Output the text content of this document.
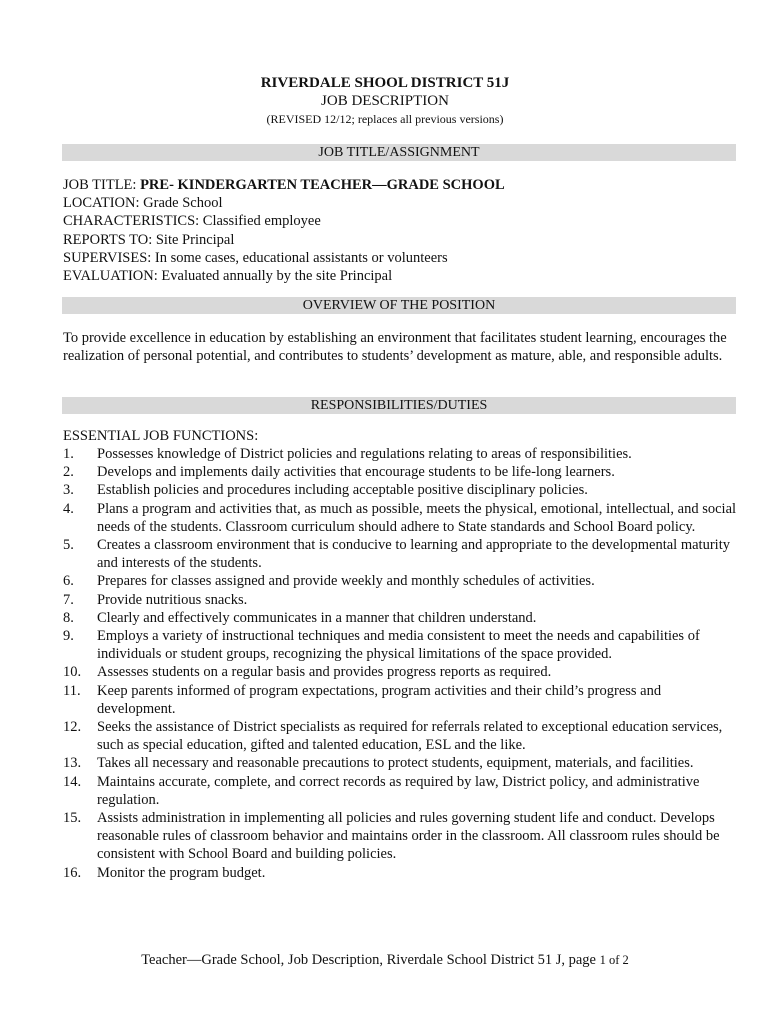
RIVERDALE SHOOL DISTRICT 51J
JOB DESCRIPTION
(REVISED 12/12; replaces all previous versions)
JOB TITLE/ASSIGNMENT
JOB TITLE: PRE- KINDERGARTEN TEACHER—GRADE SCHOOL
LOCATION: Grade School
CHARACTERISTICS: Classified employee
REPORTS TO: Site Principal
SUPERVISES: In some cases, educational assistants or volunteers
EVALUATION: Evaluated annually by the site Principal
OVERVIEW OF THE POSITION
To provide excellence in education by establishing an environment that facilitates student learning, encourages the realization of personal potential, and contributes to students’ development as mature, able, and responsible adults.
RESPONSIBILITIES/DUTIES
ESSENTIAL JOB FUNCTIONS:
1.	Possesses knowledge of District policies and regulations relating to areas of responsibilities.
2.	Develops and implements daily activities that encourage students to be life-long learners.
3.	Establish policies and procedures including acceptable positive disciplinary policies.
4.	Plans a program and activities that, as much as possible, meets the physical, emotional, intellectual, and social needs of the students. Classroom curriculum should adhere to State standards and School Board policy.
5.	Creates a classroom environment that is conducive to learning and appropriate to the developmental maturity and interests of the students.
6.	Prepares for classes assigned and provide weekly and monthly schedules of activities.
7.	Provide nutritious snacks.
8.	Clearly and effectively communicates in a manner that children understand.
9.	Employs a variety of instructional techniques and media consistent to meet the needs and capabilities of individuals or student groups, recognizing the physical limitations of the space provided.
10.	Assesses students on a regular basis and provides progress reports as required.
11.	Keep parents informed of program expectations, program activities and their child’s progress and development.
12.	Seeks the assistance of District specialists as required for referrals related to exceptional education services, such as special education, gifted and talented education, ESL and the like.
13.	Takes all necessary and reasonable precautions to protect students, equipment, materials, and facilities.
14.	Maintains accurate, complete, and correct records as required by law, District policy, and administrative regulation.
15.	Assists administration in implementing all policies and rules governing student life and conduct. Develops reasonable rules of classroom behavior and maintains order in the classroom. All classroom rules should be consistent with School Board and building policies.
16.	Monitor the program budget.
Teacher—Grade School, Job Description, Riverdale School District 51 J, page 1 of 2
